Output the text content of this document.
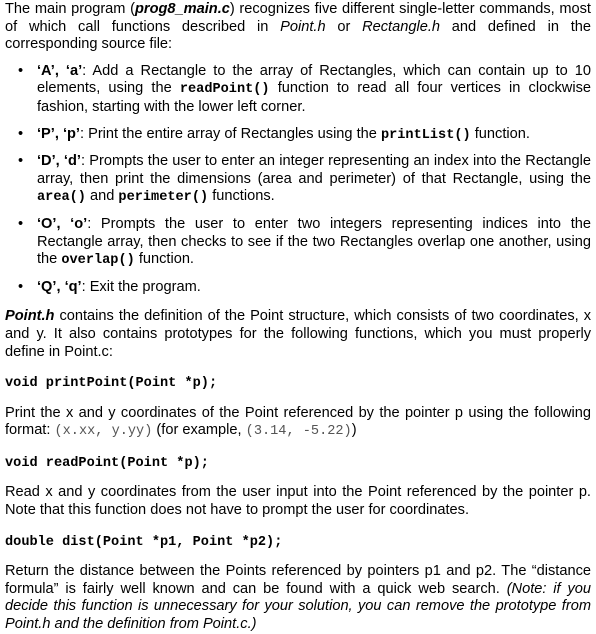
The main program (prog8_main.c) recognizes five different single-letter commands, most of which call functions described in Point.h or Rectangle.h and defined in the corresponding source file:

• ‘A’, ‘a’: Add a Rectangle to the array of Rectangles, which can contain up to 10 elements, using the readPoint() function to read all four vertices in clockwise fashion, starting with the lower left corner.
• ‘P’, ‘p’: Print the entire array of Rectangles using the printList() function.
• ‘D’, ‘d’: Prompts the user to enter an integer representing an index into the Rectangle array, then print the dimensions (area and perimeter) of that Rectangle, using the area() and perimeter() functions.
• ‘O’, ‘o’: Prompts the user to enter two integers representing indices into the Rectangle array, then checks to see if the two Rectangles overlap one another, using the overlap() function.
• ‘Q’, ‘q’: Exit the program.

Point.h contains the definition of the Point structure, which consists of two coordinates, x and y. It also contains prototypes for the following functions, which you must properly define in Point.c:

void printPoint(Point *p);

Print the x and y coordinates of the Point referenced by the pointer p using the following format: (x.xx, y.yy) (for example, (3.14, -5.22))

void readPoint(Point *p);

Read x and y coordinates from the user input into the Point referenced by the pointer p. Note that this function does not have to prompt the user for coordinates.

double dist(Point *p1, Point *p2);

Return the distance between the Points referenced by pointers p1 and p2. The “distance formula” is fairly well known and can be found with a quick web search. (Note: if you decide this function is unnecessary for your solution, you can remove the prototype from Point.h and the definition from Point.c.)
